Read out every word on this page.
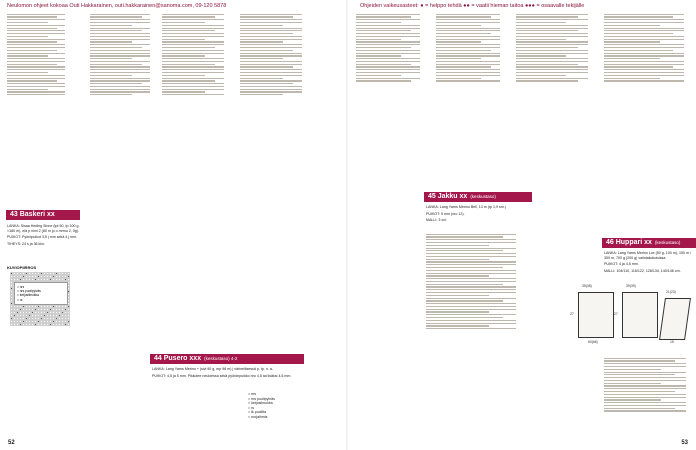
Neulomon ohjeet kokoaa Outi Hakkarainen, outi.hakkarainen@sanoma.com, 09-120 5878
43 Baskeri xx

LANKA: Sisaa Heding Sinne (tpt 50, tp 100 g =180 m), elä p nimi 2 (80 m jo o mrmu 2, 0g).

PUIKOT: Pyöröpuikot 3,5 j mm sekä 4 j mm.

TIHEYS: 24 s ja 36 kiin.

KUVIOPIIRROS
= nrs
= nrs puolipylväs
= ketjusilmukka
= rs
44 Pusero xxx (keskustaso) 4-2

LANKA: Lang Yarns Merino + (sivl 90 g, mp 98 m) j värinellisessä p. tp. n. a.

PUIKOT: 4,5 ja 5 mm. Pikkolee neuloessa sekä pyörönpuikko nro 4,5 tai lisäksi 4,5 mm.

= nrs
= nrs puolipylväs
= ketjusilmukka
= rs
= lk puolilta
= nurjaihmis
52
Ohjeiden vaikeusasteet: ● = helppo tehdä ●● = vaatii hieman taitoa ●●● = osaavalle tekijälle
45 Jakku xx (keskustaso)

LANKA: Lang Yarns Merino Bell, 13 m (tp 1,9 sm.)

PUIKOT: 5 mm (nro 12).

MALLI: 3 xxl.

46 Huppari xx (keskustaso)

LANKA: Lang Yarns Merino Lux (50 g, 100 m), 150 m / 350 m, 700 g (200 g) valintakokoisissa.

PUIKOT: 4 ja 4,5 mm.

MALLI: 104/110, 116/122, 128/134, 140/146 cm.

35(38)	39(39)
21(23)
27
60(66)
27
15
53
